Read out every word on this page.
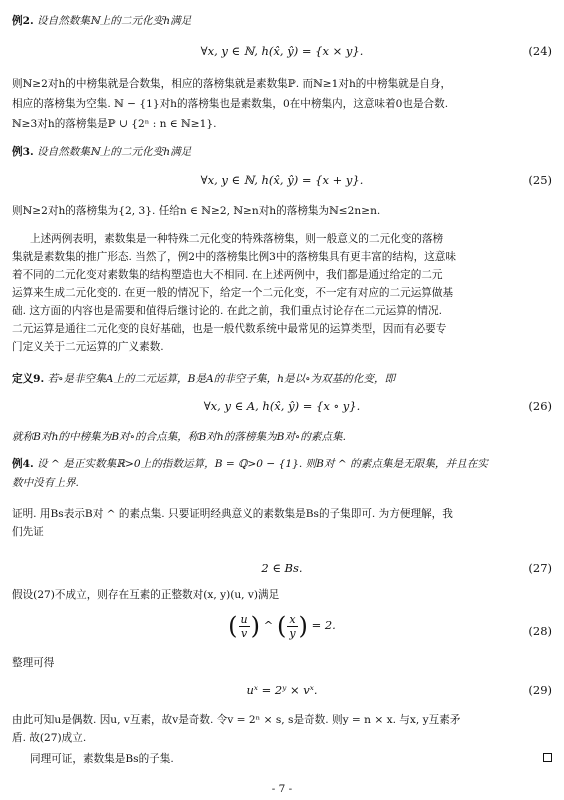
例2. 设自然数集ℕ上的二元化变h满足
∀x, y ∈ ℕ, h(x̂, ŷ) = {x × y}.	(24)
则ℕ≥2对h的中榜集就是合数集，相应的落榜集就是素数集ℙ. 而ℕ≥1对h的中榜集就是自身，
相应的落榜集为空集. ℕ − {1}对h的落榜集也是素数集，0在中榜集内，这意味着0也是合数.
ℕ≥3对h的落榜集是ℙ ∪ {2ⁿ : n ∈ ℕ≥1}.
例3. 设自然数集ℕ上的二元化变h满足
∀x, y ∈ ℕ, h(x̂, ŷ) = {x + y}.	(25)
则ℕ≥2对h的落榜集为{2, 3}. 任给n ∈ ℕ≥2, ℕ≥n对h的落榜集为ℕ≤2n≥n.
上述两例表明，素数集是一种特殊二元化变的特殊落榜集，则一般意义的二元化变的落榜
集就是素数集的推广形态. 当然了，例2中的落榜集比例3中的落榜集具有更丰富的结构，这意味
着不同的二元化变对素数集的结构塑造也大不相同. 在上述两例中，我们都是通过给定的二元
运算来生成二元化变的. 在更一般的情况下，给定一个二元化变，不一定有对应的二元运算做基
础. 这方面的内容也是需要和值得后继讨论的. 在此之前，我们重点讨论存在二元运算的情况.
二元运算是通往二元化变的良好基础，也是一般代数系统中最常见的运算类型，因而有必要专
门定义关于二元运算的广义素数.
定义9. 若∘是非空集A上的二元运算，B是A的非空子集，h是以∘为双基的化变，即
∀x, y ∈ A, h(x̂, ŷ) = {x ∘ y}.	(26)
就称B对h的中榜集为B对∘的合点集，称B对h的落榜集为B对∘的素点集.
例4. 设 ^ 是正实数集ℝ>0上的指数运算，B = ℚ>0 − {1}. 则B对 ^ 的素点集是无限集，并且在实
数中没有上界.
证明. 用Bs表示B对 ^ 的素点集. 只要证明经典意义的素数集是Bs的子集即可. 为方便理解，我
们先证
2 ∈ Bs.	(27)
假设(27)不成立，则存在互素的正整数对(x, y)(u, v)满足
( $\frac{u}{v}$ ) ^ ( $\frac{x}{y}$ ) = 2.	(28)
整理可得
uˣ = 2ʸ × vˣ.	(29)
由此可知u是偶数. 因u, v互素，故v是奇数. 令v = 2ⁿ × s, s是奇数. 则y = n × x. 与x, y互素矛
盾. 故(27)成立.
同理可证，素数集是Bs的子集.
- 7 -
